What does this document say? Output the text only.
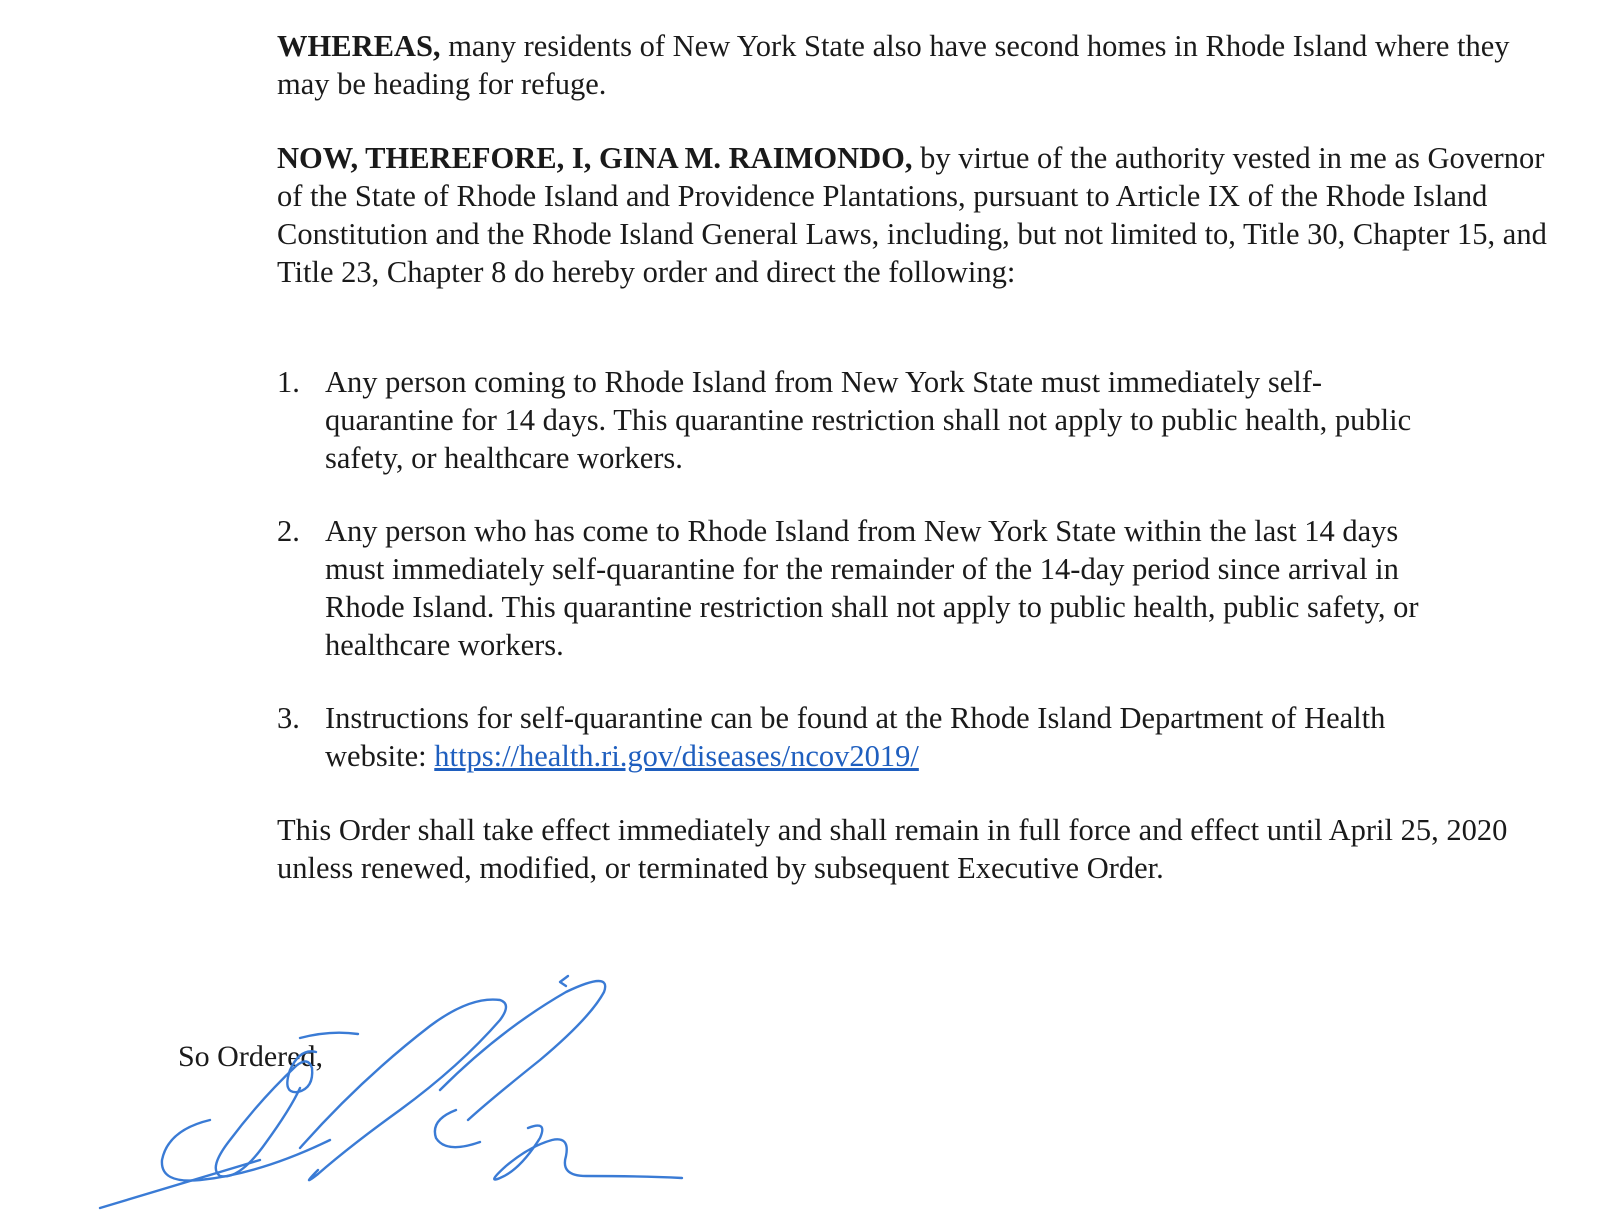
WHEREAS, many residents of New York State also have second homes in Rhode Island where they may be heading for refuge.

NOW, THEREFORE, I, GINA M. RAIMONDO, by virtue of the authority vested in me as Governor of the State of Rhode Island and Providence Plantations, pursuant to Article IX of the Rhode Island Constitution and the Rhode Island General Laws, including, but not limited to, Title 30, Chapter 15, and Title 23, Chapter 8 do hereby order and direct the following:

1. Any person coming to Rhode Island from New York State must immediately self-quarantine for 14 days. This quarantine restriction shall not apply to public health, public safety, or healthcare workers.
2. Any person who has come to Rhode Island from New York State within the last 14 days must immediately self-quarantine for the remainder of the 14-day period since arrival in Rhode Island. This quarantine restriction shall not apply to public health, public safety, or healthcare workers.
3. Instructions for self-quarantine can be found at the Rhode Island Department of Health website: https://health.ri.gov/diseases/ncov2019/

This Order shall take effect immediately and shall remain in full force and effect until April 25, 2020 unless renewed, modified, or terminated by subsequent Executive Order.

So Ordered,
